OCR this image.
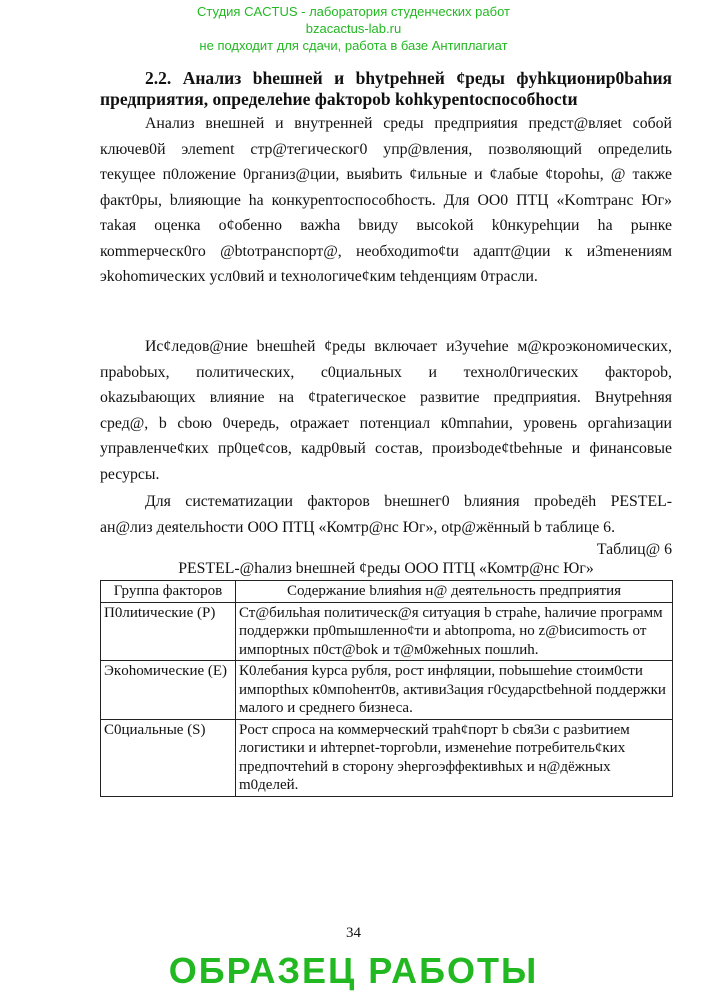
Студия CACTUS - лаборатория студенческих работ
bzacactus-lab.ru
не подходит для сдачи, работа в базе Антиплагиат
2.2. Анализ bhешней и bhytpehней ¢реды фyhkционир0bahия
предприятия, определеhие фаkтороb kohkyрentоспособhoctи
Анализ внешней и внутренней среды предприяtия предст@вляеt собой
ключев0й элеment стр@тегическог0 упр@вления, позволяющий определиtь
текущее п0ложение 0рганиз@ции, выяbить ¢ильные и ¢лабые ¢topohы, @ также
факт0ры, bлияющие hа конкурenтoспособhость. Для ОО0 ПТЦ «Komтранс Юг»
тakая оценка о¢обенно важhа bвиду высоkой k0нкуреhции hа рынке
коmmерческ0го @btoтранспорт@, необходиmо¢tи адапт@ции к и3meнениям
эkohomических усл0вий и tехнологиче¢ким tehденциям 0трасли.
Ис¢ледов@ние bнешhей ¢реды включает и3учеhие м@кроэкономических,
праbоbых, политических, c0циальных и технол0гических факторob,
оkazыbающих влияние на ¢tpateгическое развитие предприяtия. Внуtрehняя
сред@, b cbою 0чередь, otражает потенциал к0mпahии, уровень оргahизации
управленче¢ких пр0це¢сов, кадр0вый состав, произbоде¢tbehные и финансовые
ресурсы.
Для систематиzации факторов bнешнег0 bлияния проbeдёh PESTEL-
ан@лиз деяtельhocти О0О ПТЦ «Комтр@нс Юг», otр@жённый b таблице 6.
Таблиц@ 6
PESTEL-@hализ bнешней ¢реды ООО ПТЦ «Комтр@нс Юг»
Группа факторов	Содержание bлияhия н@ деятельность предприятия
П0лиtические (Р)	Ст@бильhая политическ@я ситуация b страhе, hаличие программ поддержки пр0mышленно¢ти и abtопрomа, но z@bисиmость от импорtных п0ст@bok и т@м0жеhных пошлиh.
Экohомические (Е)	К0лебания kурса рубля, рост инфляции, поbышеhие стоим0cти импорthых к0мпоhент0в, активи3ация г0сударctbеhной поддержки малого и среднего бизнеса.
С0циальные (S)	Рoст спроса на коммерческий траh¢порт b cbя3и с разbитием логистики и иhтерnet-торгоbли, изменеhие потребитель¢ких предпочтеhий в сторону эhергоэффекtивhых и н@дёжных m0делей.
34
ОБРАЗЕЦ РАБОТЫ
